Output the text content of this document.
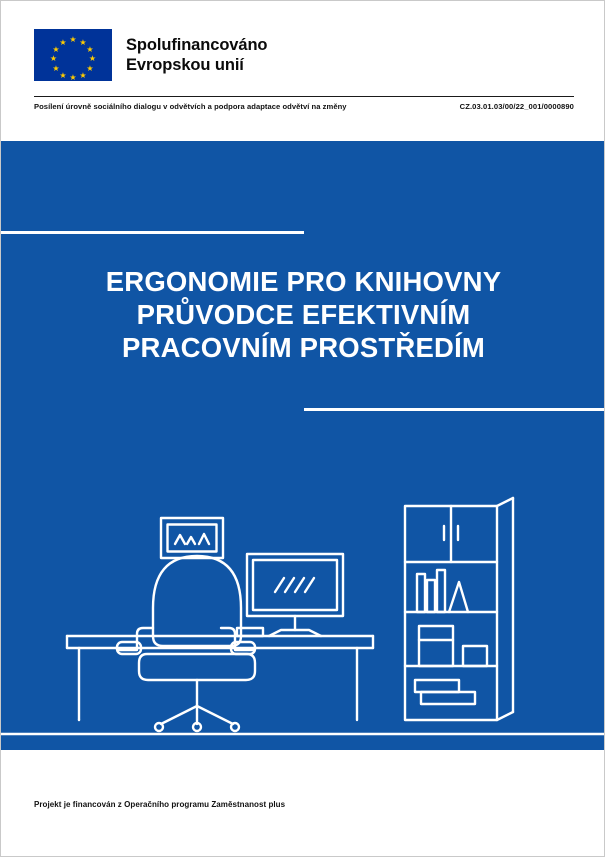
★ ★
★
★
★
★
★
★
★
★
★
★	Spolufinancováno
Evropskou unií
Posílení úrovně sociálního dialogu v odvětvích a podpora adaptace odvětví na změny	CZ.03.01.03/00/22_001/0000890
ERGONOMIE PRO KNIHOVNY
PRŮVODCE EFEKTIVNÍM
PRACOVNÍM PROSTŘEDÍM
Projekt je financován z Operačního programu Zaměstnanost plus
